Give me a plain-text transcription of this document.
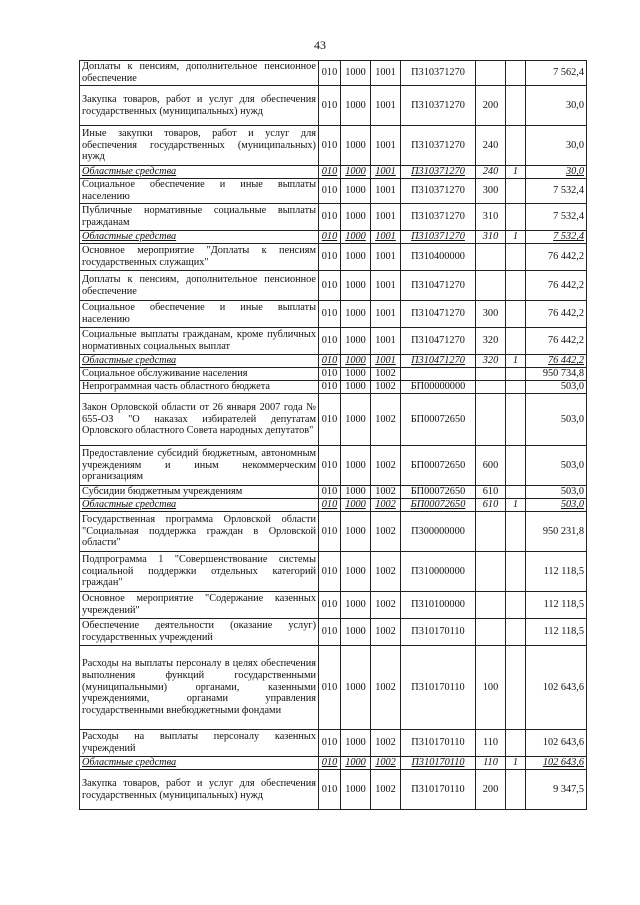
43
Доплаты к пенсиям, дополнительное пенсионное обеспечение	010	1000	1001	П310371270			7 562,4
Закупка товаров, работ и услуг для обеспечения государственных (муниципальных) нужд	010	1000	1001	П310371270	200		30,0
Иные закупки товаров, работ и услуг для обеспечения государственных (муниципальных) нужд	010	1000	1001	П310371270	240		30,0
Областные средства	010	1000	1001	П310371270	240	1	30,0
Социальное обеспечение и иные выплаты населению	010	1000	1001	П310371270	300		7 532,4
Публичные нормативные социальные выплаты гражданам	010	1000	1001	П310371270	310		7 532,4
Областные средства	010	1000	1001	П310371270	310	1	7 532,4
Основное мероприятие "Доплаты к пенсиям государственных служащих"	010	1000	1001	П310400000			76 442,2
Доплаты к пенсиям, дополнительное пенсионное обеспечение	010	1000	1001	П310471270			76 442,2
Социальное обеспечение и иные выплаты населению	010	1000	1001	П310471270	300		76 442,2
Социальные выплаты гражданам, кроме публичных нормативных социальных выплат	010	1000	1001	П310471270	320		76 442,2
Областные средства	010	1000	1001	П310471270	320	1	76 442,2
Социальное обслуживание населения	010	1000	1002				950 734,8
Непрограммная часть областного бюджета	010	1000	1002	БП00000000			503,0
Закон Орловской области от 26 января 2007 года № 655-ОЗ "О наказах избирателей депутатам Орловского областного Совета народных депутатов"	010	1000	1002	БП00072650			503,0
Предоставление субсидий бюджетным, автономным учреждениям и иным некоммерческим организациям	010	1000	1002	БП00072650	600		503,0
Субсидии бюджетным учреждениям	010	1000	1002	БП00072650	610		503,0
Областные средства	010	1000	1002	БП00072650	610	1	503,0
Государственная программа Орловской области "Социальная поддержка граждан в Орловской области"	010	1000	1002	П300000000			950 231,8
Подпрограмма 1 "Совершенствование системы социальной поддержки отдельных категорий граждан"	010	1000	1002	П310000000			112 118,5
Основное мероприятие "Содержание казенных учреждений"	010	1000	1002	П310100000			112 118,5
Обеспечение деятельности (оказание услуг) государственных учреждений	010	1000	1002	П310170110			112 118,5
Расходы на выплаты персоналу в целях обеспечения выполнения функций государственными (муниципальными) органами, казенными учреждениями, органами управления государственными внебюджетными фондами	010	1000	1002	П310170110	100		102 643,6
Расходы на выплаты персоналу казенных учреждений	010	1000	1002	П310170110	110		102 643,6
Областные средства	010	1000	1002	П310170110	110	1	102 643,6
Закупка товаров, работ и услуг для обеспечения государственных (муниципальных) нужд	010	1000	1002	П310170110	200		9 347,5
